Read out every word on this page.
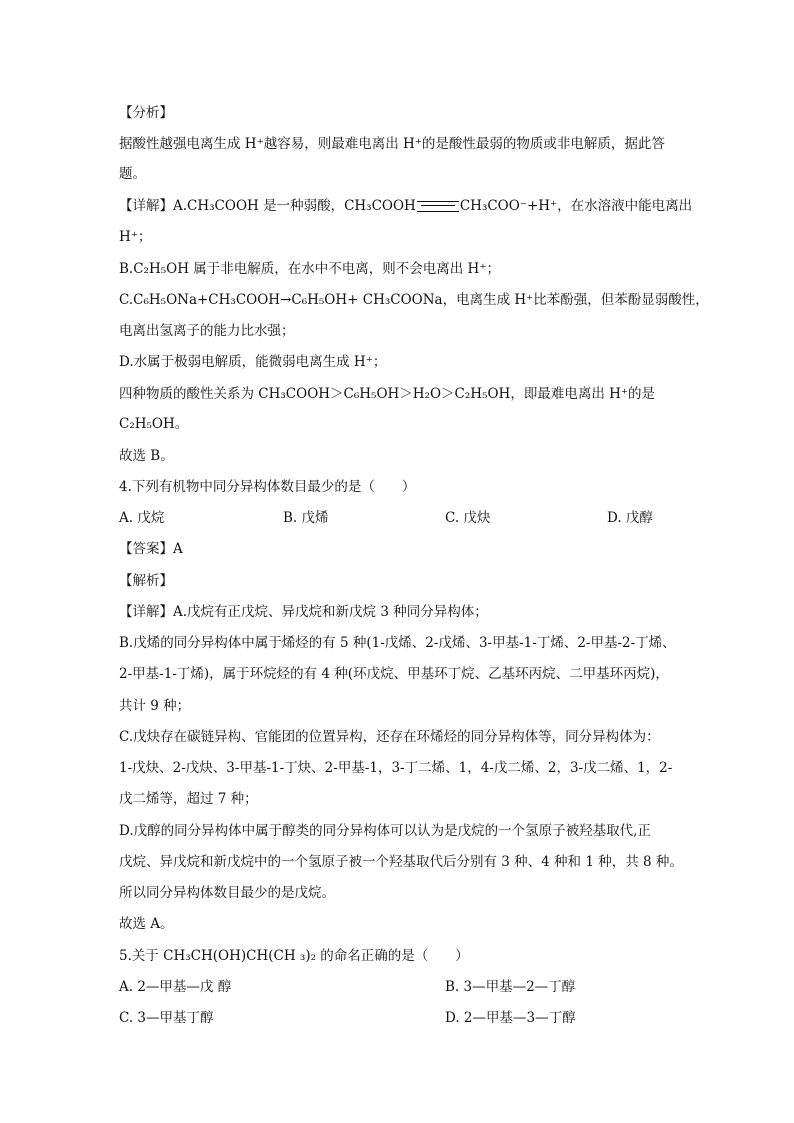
【分析】
据酸性越强电离生成 H⁺越容易，则最难电离出 H⁺的是酸性最弱的物质或非电解质，据此答
题。
【详解】A.CH₃COOH 是一种弱酸，CH₃COOH	CH₃COO⁻+H⁺，在水溶液中能电离出
H⁺；
B.C₂H₅OH 属于非电解质，在水中不电离，则不会电离出 H⁺；
C.C₆H₅ONa+CH₃COOH→C₆H₅OH+ CH₃COONa，电离生成 H⁺比苯酚强，但苯酚显弱酸性，
电离出氢离子的能力比水强；
D.水属于极弱电解质，能微弱电离生成 H⁺；
四种物质的酸性关系为 CH₃COOH＞C₆H₅OH＞H₂O＞C₂H₅OH，即最难电离出 H⁺的是
C₂H₅OH。
故选 B。
4.下列有机物中同分异构体数目最少的是（　　）
A. 戊烷	B. 戊烯	C. 戊炔	D. 戊醇
【答案】A
【解析】
【详解】A.戊烷有正戊烷、异戊烷和新戊烷 3 种同分异构体；
B.戊烯的同分异构体中属于烯烃的有 5 种(1-戊烯、2-戊烯、3-甲基-1-丁烯、2-甲基-2-丁烯、
2-甲基-1-丁烯)，属于环烷烃的有 4 种(环戊烷、甲基环丁烷、乙基环丙烷、二甲基环丙烷)，
共计 9 种；
C.戊炔存在碳链异构、官能团的位置异构，还存在环烯烃的同分异构体等，同分异构体为：
1-戊炔、2-戊炔、3-甲基-1-丁炔、2-甲基-1，3-丁二烯、1，4-戊二烯、2，3-戊二烯、1，2-
戊二烯等，超过 7 种；
D.戊醇的同分异构体中属于醇类的同分异构体可以认为是戊烷的一个氢原子被羟基取代,正
戊烷、异戊烷和新戊烷中的一个氢原子被一个羟基取代后分别有 3 种、4 种和 1 种，共 8 种。
所以同分异构体数目最少的是戊烷。
故选 A。
5.关于 CH₃CH(OH)CH(CH ₃)₂ 的命名正确的是（　　）
A. 2—甲基—戊 醇	B. 3—甲基—2—丁醇
C. 3—甲基丁醇	D. 2—甲基—3—丁醇
